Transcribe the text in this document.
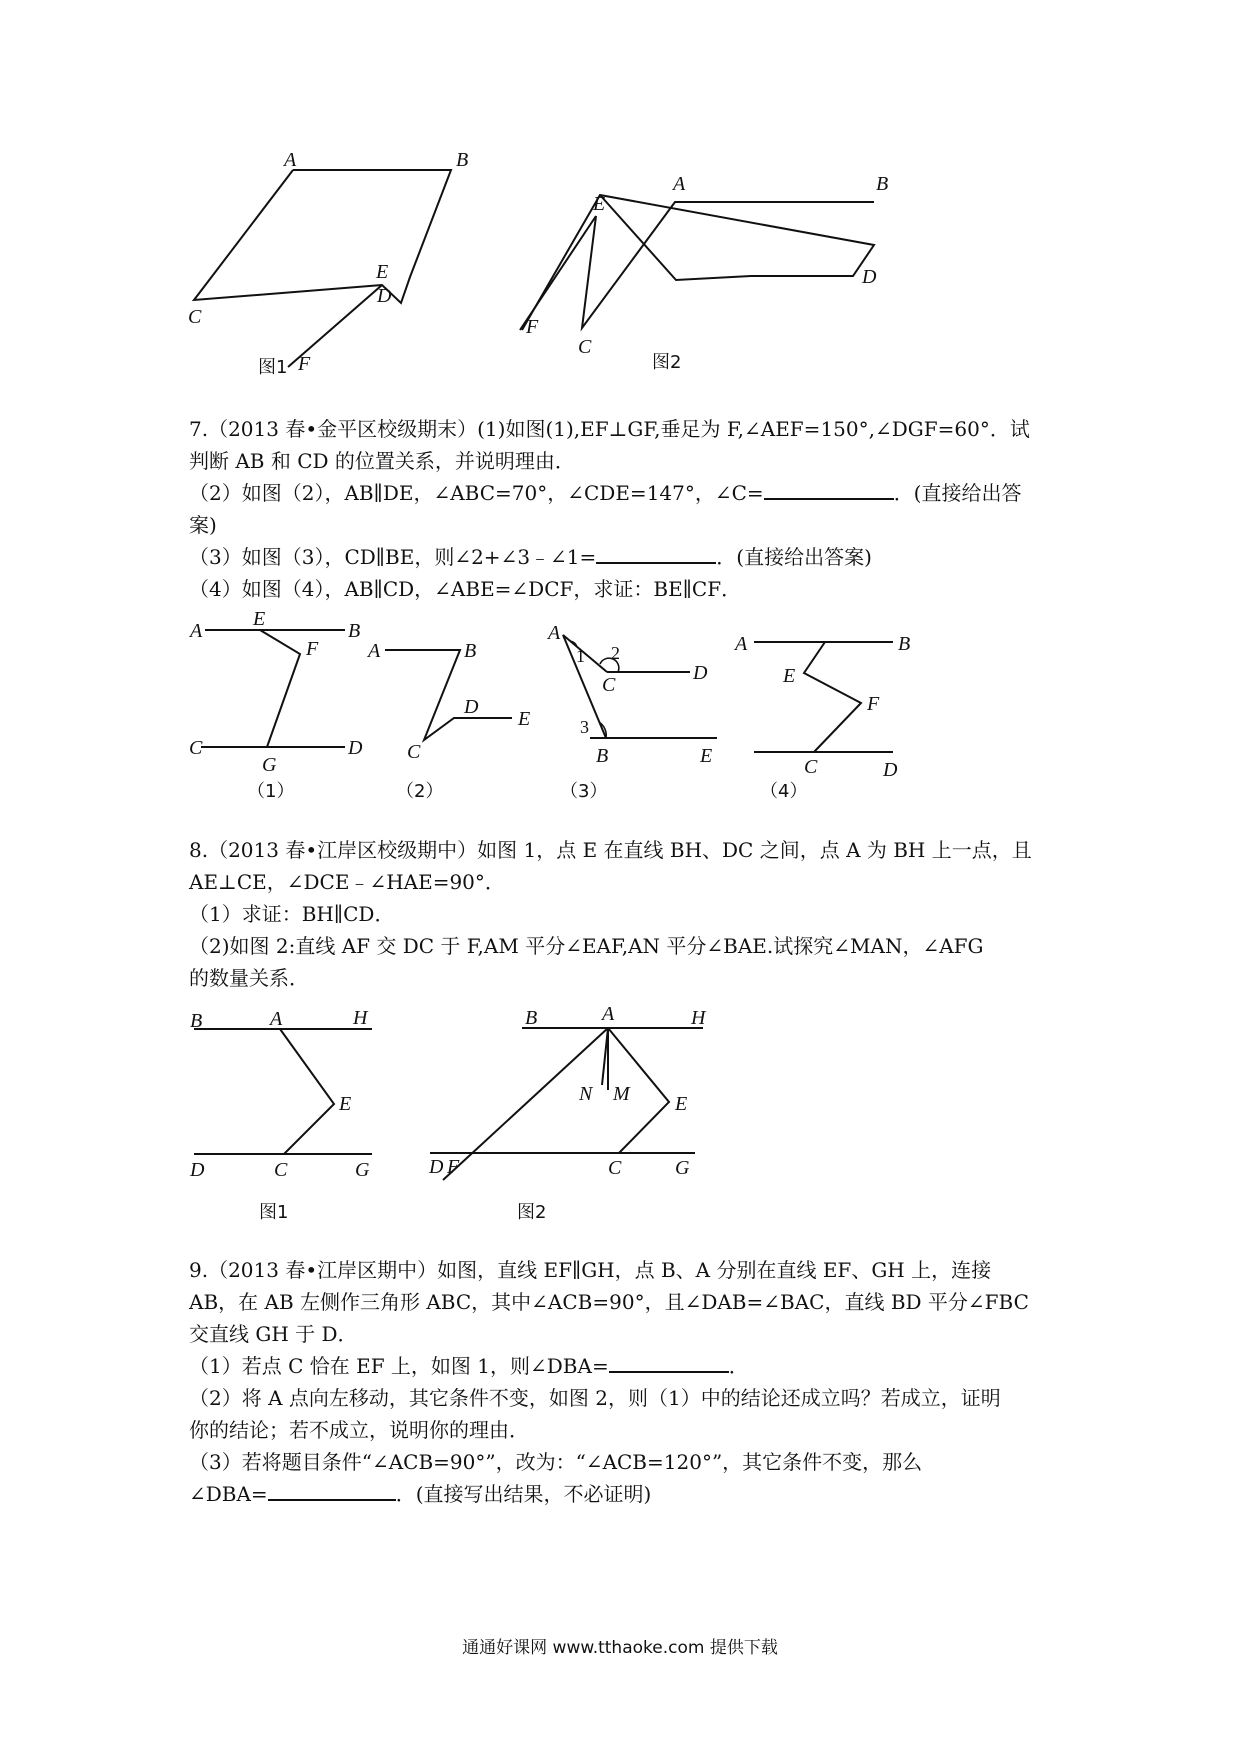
A	B
C
D
E
F
图1
E
A	B
D
C
F
图2

7.（2013 春•金平区校级期末）(1)如图(1),EF⊥GF,垂足为 F,∠AEF=150°,∠DGF=60°．试

判断 AB 和 CD 的位置关系，并说明理由．

（2）如图（2），AB∥DE，∠ABC=70°，∠CDE=147°，∠C=	．(直接给出答

案)

（3）如图（3），CD∥BE，则∠2+∠3﹣∠1=	．(直接给出答案)

（4）如图（4），AB∥CD，∠ABE=∠DCF，求证：BE∥CF．

A
E
B
F
C
G
D
（1）
A	B
D
E
C
（2）
A
1 2
C
D
3
B	E
（3）
A	B
E
F
C	D
（4）

8.（2013 春•江岸区校级期中）如图 1，点 E 在直线 BH、DC 之间，点 A 为 BH 上一点，且

AE⊥CE，∠DCE﹣∠HAE=90°．

（1）求证：BH∥CD．

（2)如图 2:直线 AF 交 DC 于 F,AM 平分∠EAF,AN 平分∠BAE.试探究∠MAN，∠AFG

的数量关系．

B	A	H
E
D	C	G
图1
B	A	H
N M E
D F	C	G
图2

9.（2013 春•江岸区期中）如图，直线 EF∥GH，点 B、A 分别在直线 EF、GH 上，连接

AB，在 AB 左侧作三角形 ABC，其中∠ACB=90°，且∠DAB=∠BAC，直线 BD 平分∠FBC

交直线 GH 于 D．

（1）若点 C 恰在 EF 上，如图 1，则∠DBA=	．

（2）将 A 点向左移动，其它条件不变，如图 2，则（1）中的结论还成立吗？若成立，证明

你的结论；若不成立，说明你的理由．

（3）若将题目条件“∠ACB=90°”，改为：“∠ACB=120°”，其它条件不变，那么

∠DBA=	．(直接写出结果，不必证明)

通通好课网 www.tthaoke.com 提供下载
